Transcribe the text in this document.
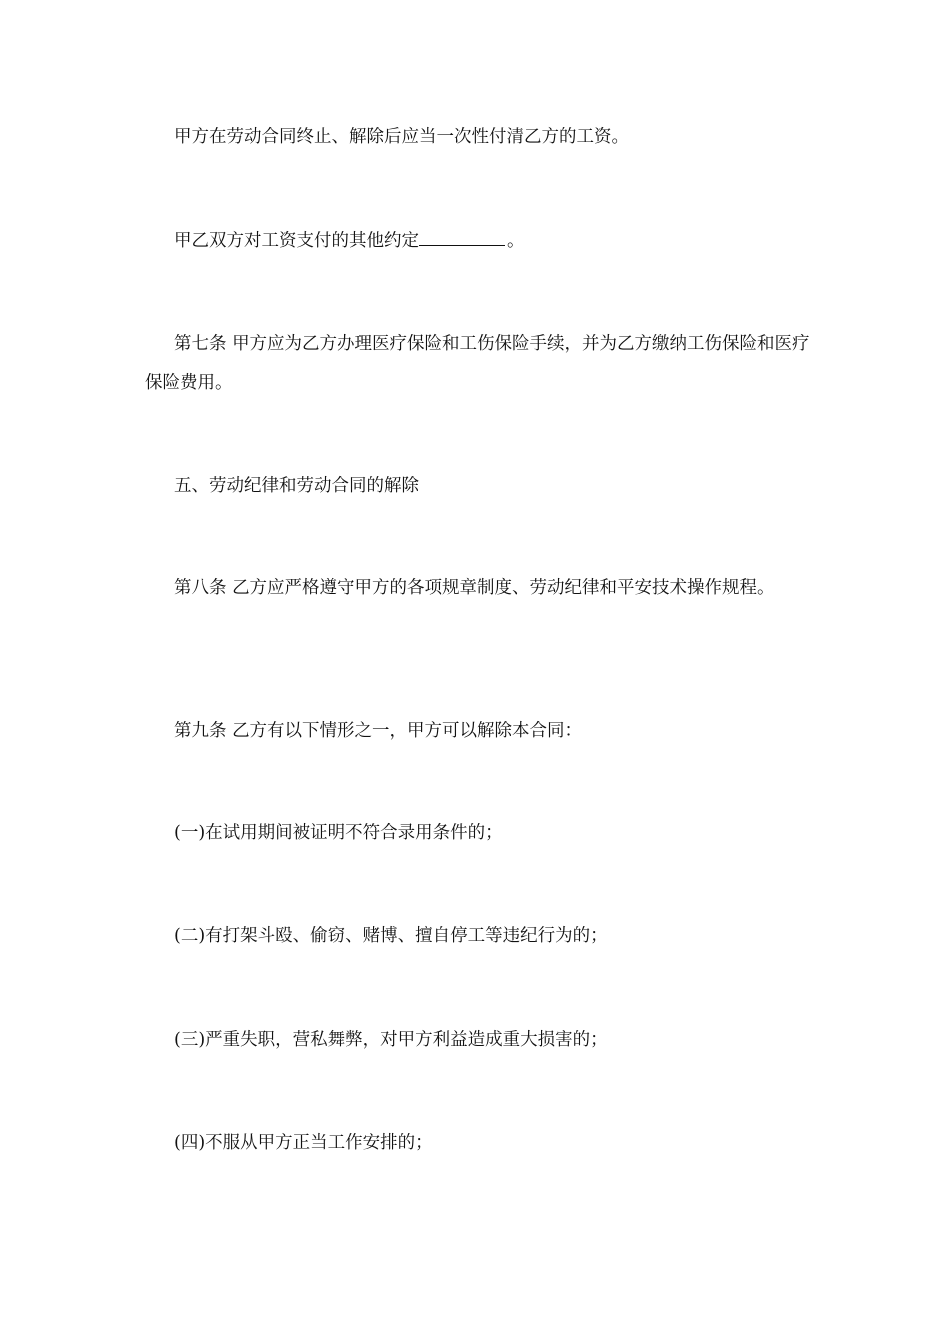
甲方在劳动合同终止、解除后应当一次性付清乙方的工资。

甲乙双方对工资支付的其他约定	。

第七条 甲方应为乙方办理医疗保险和工伤保险手续，并为乙方缴纳工伤保险和医疗保险费用。

五、劳动纪律和劳动合同的解除

第八条 乙方应严格遵守甲方的各项规章制度、劳动纪律和平安技术操作规程。

第九条 乙方有以下情形之一，甲方可以解除本合同：

(一)在试用期间被证明不符合录用条件的；

(二)有打架斗殴、偷窃、赌博、擅自停工等违纪行为的；

(三)严重失职，营私舞弊，对甲方利益造成重大损害的；

(四)不服从甲方正当工作安排的；
